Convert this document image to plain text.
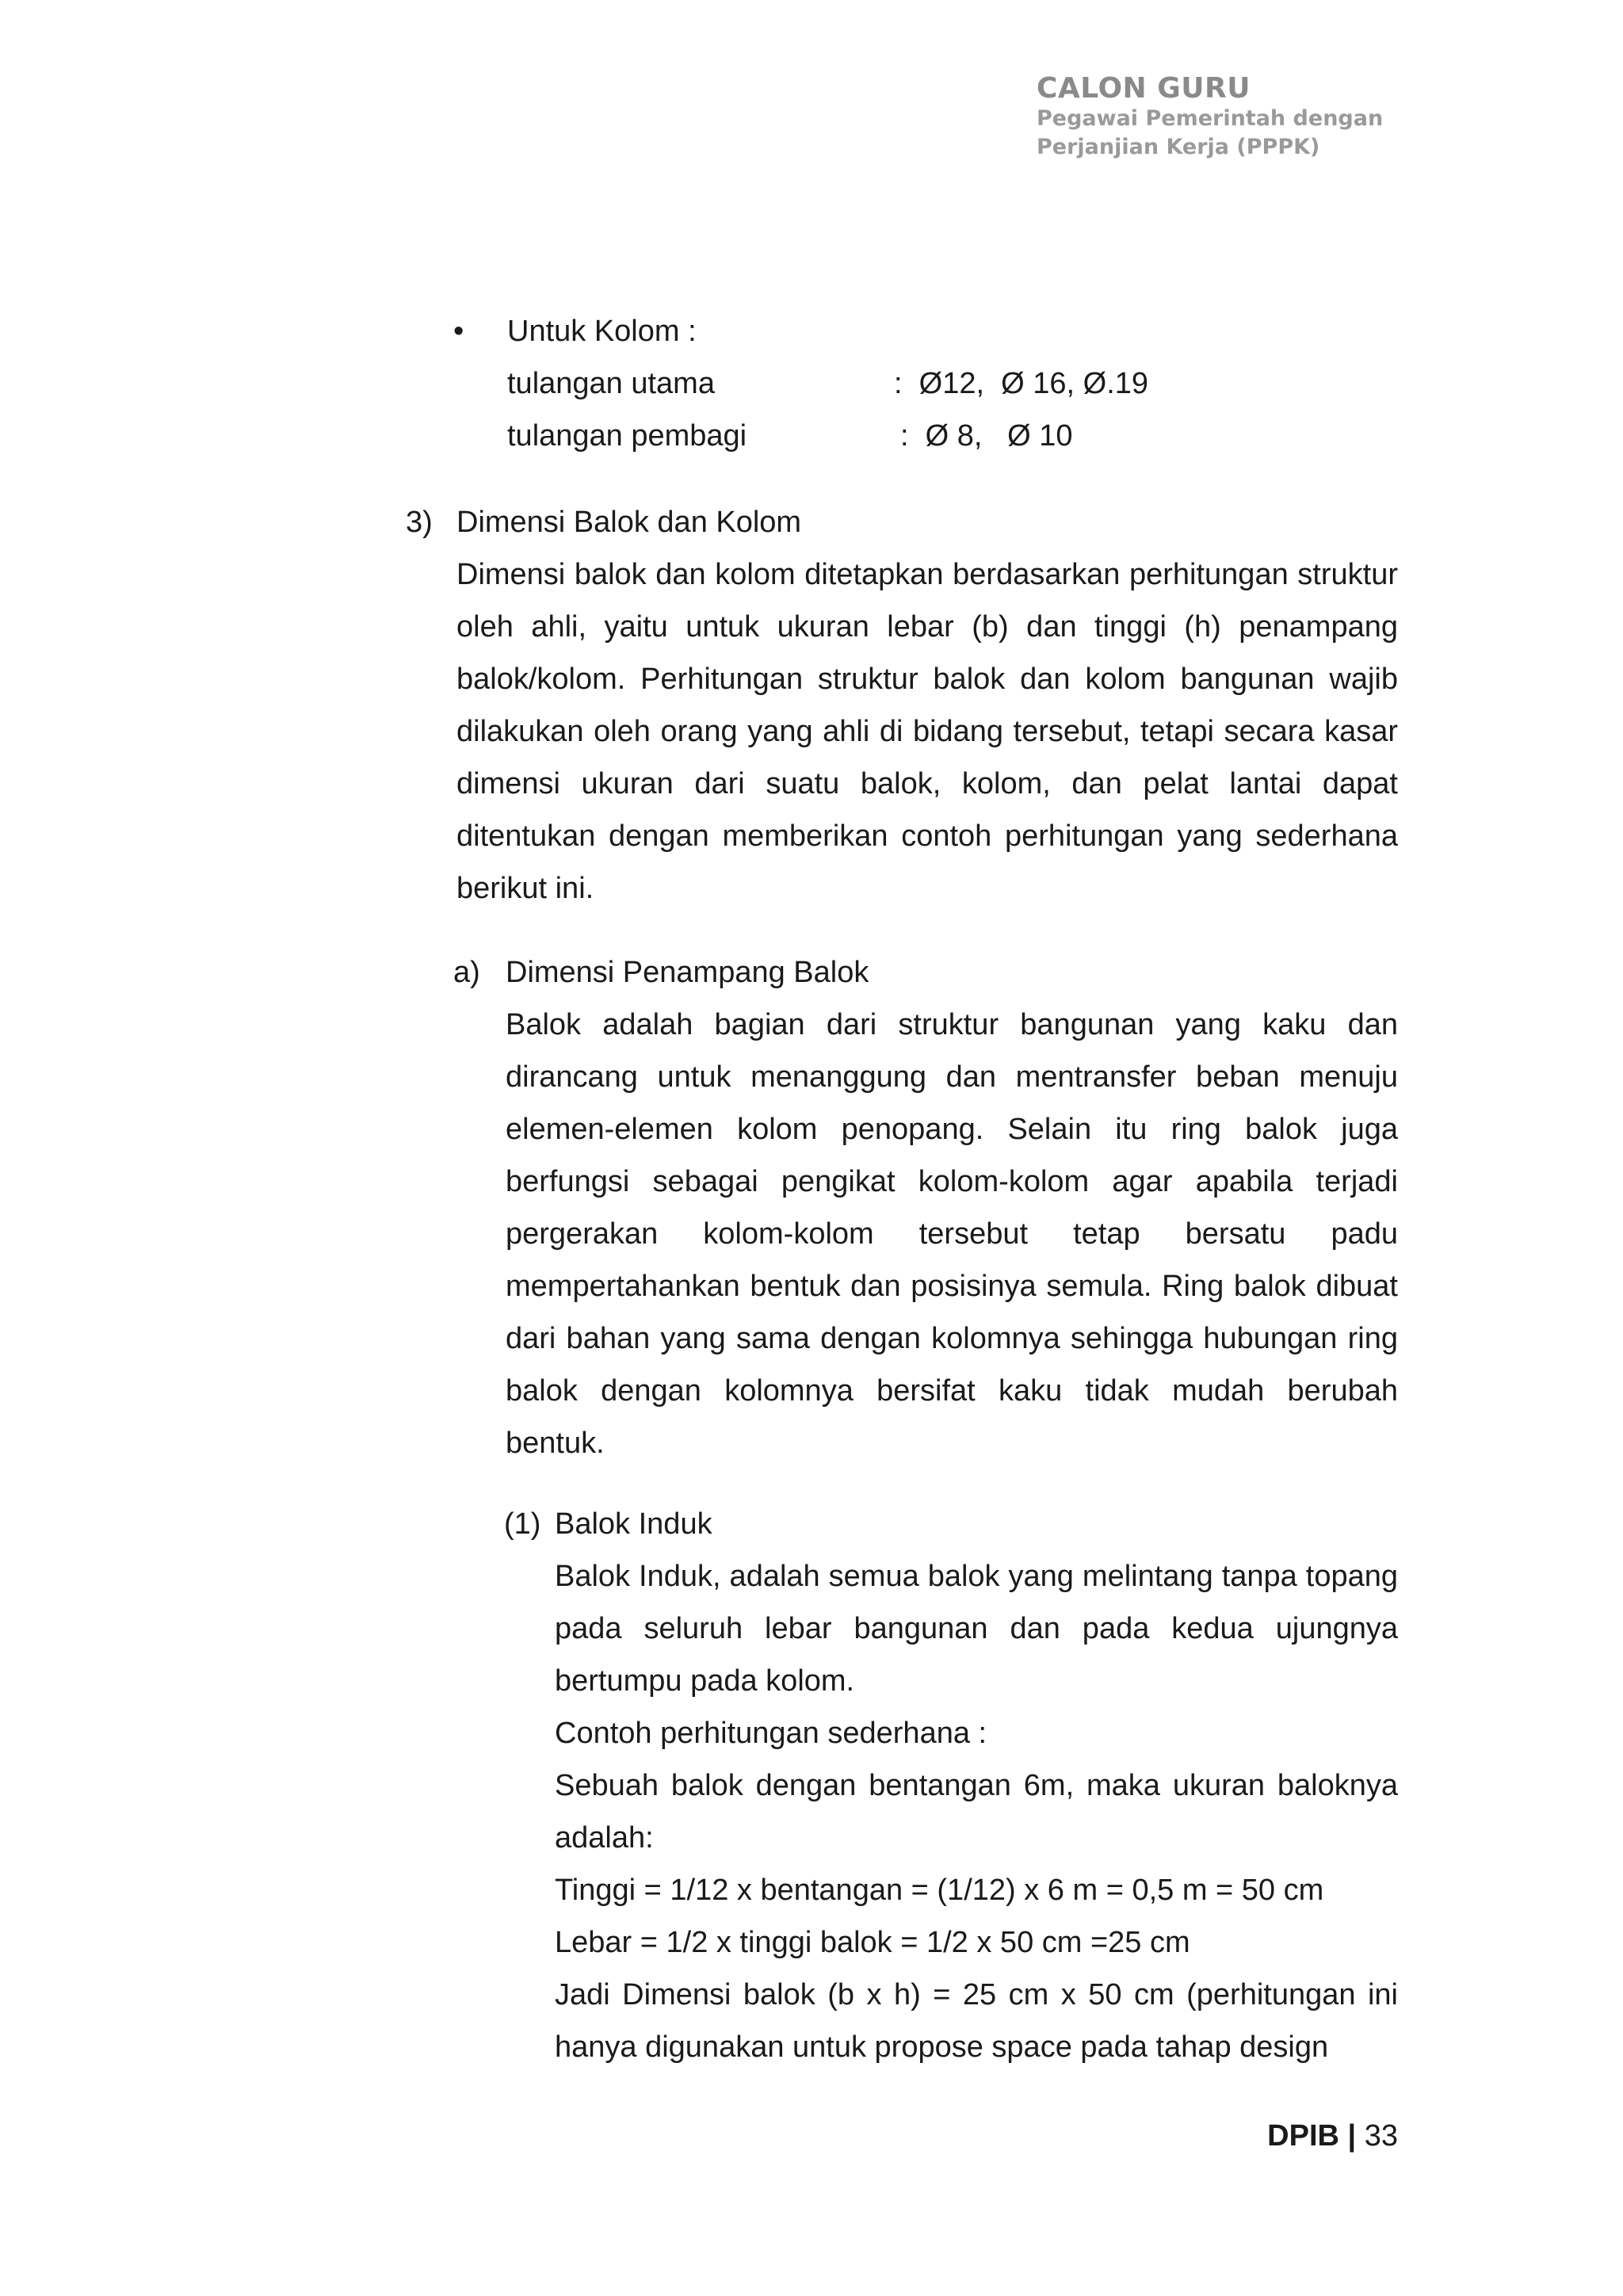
CALON GURU
Pegawai Pemerintah dengan
Perjanjian Kerja (PPPK)
• Untuk Kolom :
tulangan utama	:  Ø12,  Ø 16, Ø.19
tulangan pembagi	:  Ø 8,   Ø 10
3) Dimensi Balok dan Kolom
Dimensi balok dan kolom ditetapkan berdasarkan perhitungan struktur oleh ahli, yaitu untuk ukuran lebar (b) dan tinggi (h) penampang balok/kolom. Perhitungan struktur balok dan kolom bangunan wajib dilakukan oleh orang yang ahli di bidang tersebut, tetapi secara kasar dimensi ukuran dari suatu balok, kolom, dan pelat lantai dapat ditentukan dengan memberikan contoh perhitungan yang sederhana berikut ini.
a) Dimensi Penampang Balok
Balok adalah bagian dari struktur bangunan yang kaku dan dirancang untuk menanggung dan mentransfer beban menuju elemen-elemen kolom penopang. Selain itu ring balok juga berfungsi sebagai pengikat kolom-kolom agar apabila terjadi pergerakan kolom-kolom tersebut tetap bersatu padu mempertahankan bentuk dan posisinya semula. Ring balok dibuat dari bahan yang sama dengan kolomnya sehingga hubungan ring balok dengan kolomnya bersifat kaku tidak mudah berubah bentuk.
(1) Balok Induk

Balok Induk, adalah semua balok yang melintang tanpa topang pada seluruh lebar bangunan dan pada kedua ujungnya bertumpu pada kolom.

Contoh perhitungan sederhana :

Sebuah balok dengan bentangan 6m, maka ukuran baloknya adalah:

Tinggi = 1/12 x bentangan = (1/12) x 6 m = 0,5 m = 50 cm

Lebar = 1/2 x tinggi balok = 1/2 x 50 cm =25 cm

Jadi Dimensi balok (b x h) = 25 cm x 50 cm (perhitungan ini hanya digunakan untuk propose space pada tahap design

DPIB | 33
